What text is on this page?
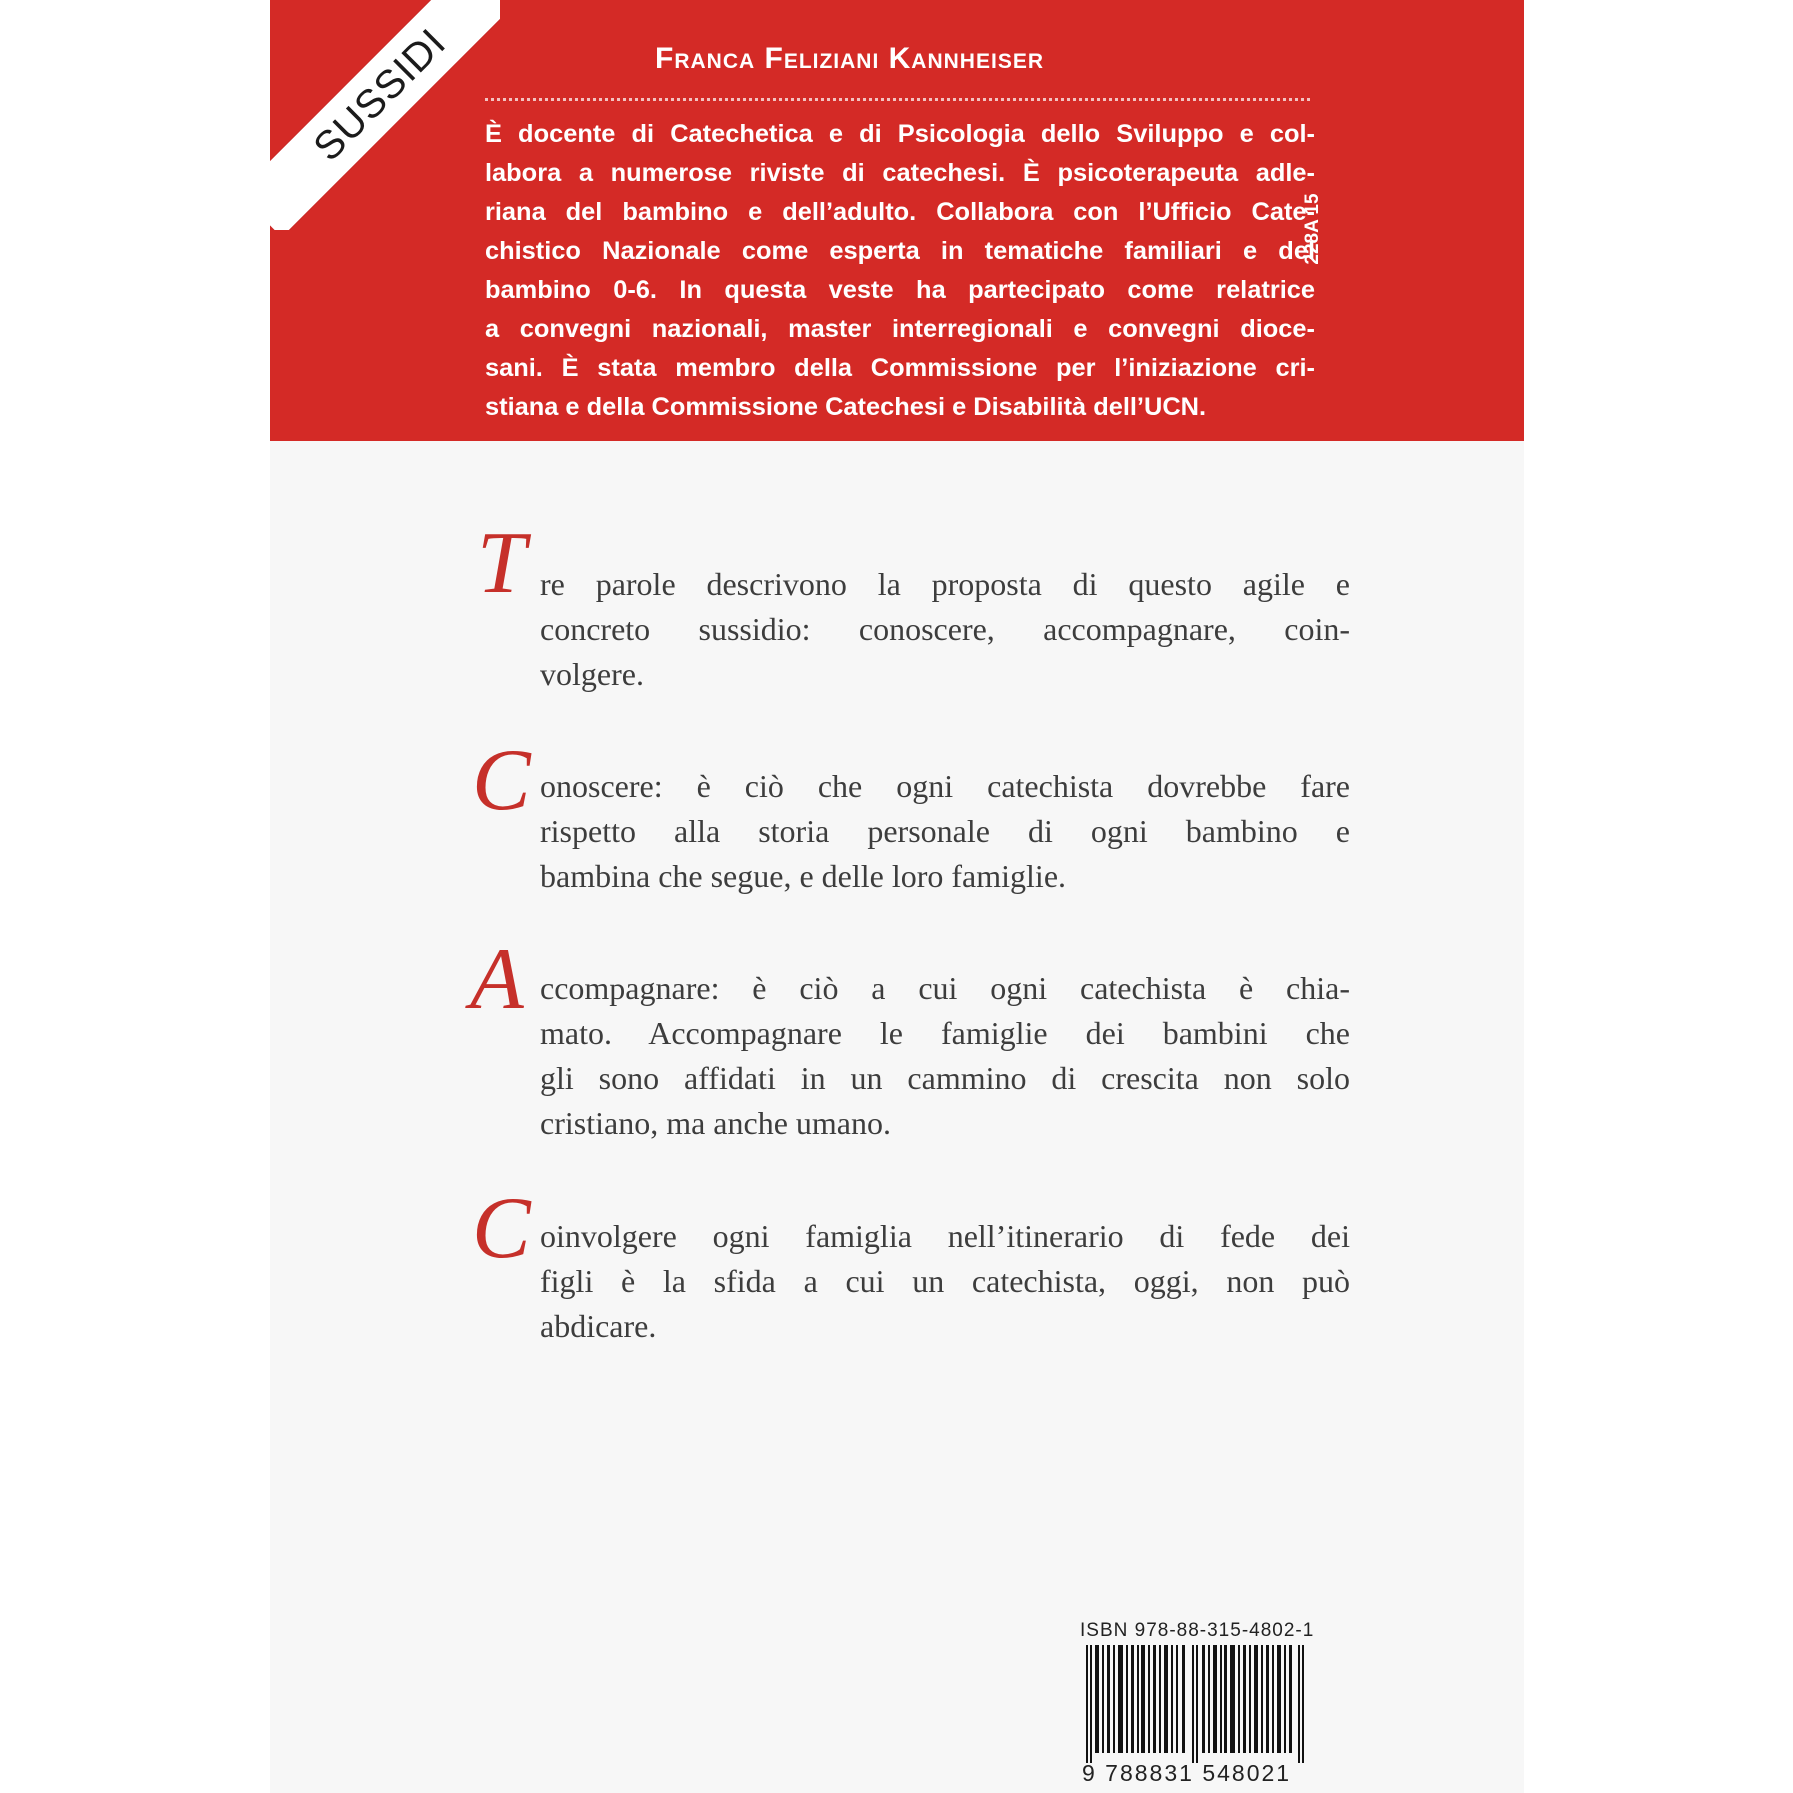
SUSSIDI	Franca Feliziani Kannheiser

È docente di Catechetica e di Psicologia dello Sviluppo e col-
labora a numerose riviste di catechesi. È psicoterapeuta adle-
riana del bambino e dell’adulto. Collabora con l’Ufficio Cate-
chistico Nazionale come esperta in tematiche familiari e del
bambino 0-6. In questa veste ha partecipato come relatrice
a convegni nazionali, master interregionali e convegni dioce-
sani. È stata membro della Commissione per l’iniziazione cri-
stiana e della Commissione Catechesi e Disabilità dell’UCN.

228A 15
T re parole descrivono la proposta di questo agile e
concreto sussidio: conoscere, accompagnare, coin-
volgere.

C onoscere: è ciò che ogni catechista dovrebbe fare
rispetto alla storia personale di ogni bambino e
bambina che segue, e delle loro famiglie.

A ccompagnare: è ciò a cui ogni catechista è chia-
mato. Accompagnare le famiglie dei bambini che
gli sono affidati in un cammino di crescita non solo
cristiano, ma anche umano.

C oinvolgere ogni famiglia nell’itinerario di fede dei
figli è la sfida a cui un catechista, oggi, non può
abdicare.

ISBN 978-88-315-4802-1
9 788831 548021
